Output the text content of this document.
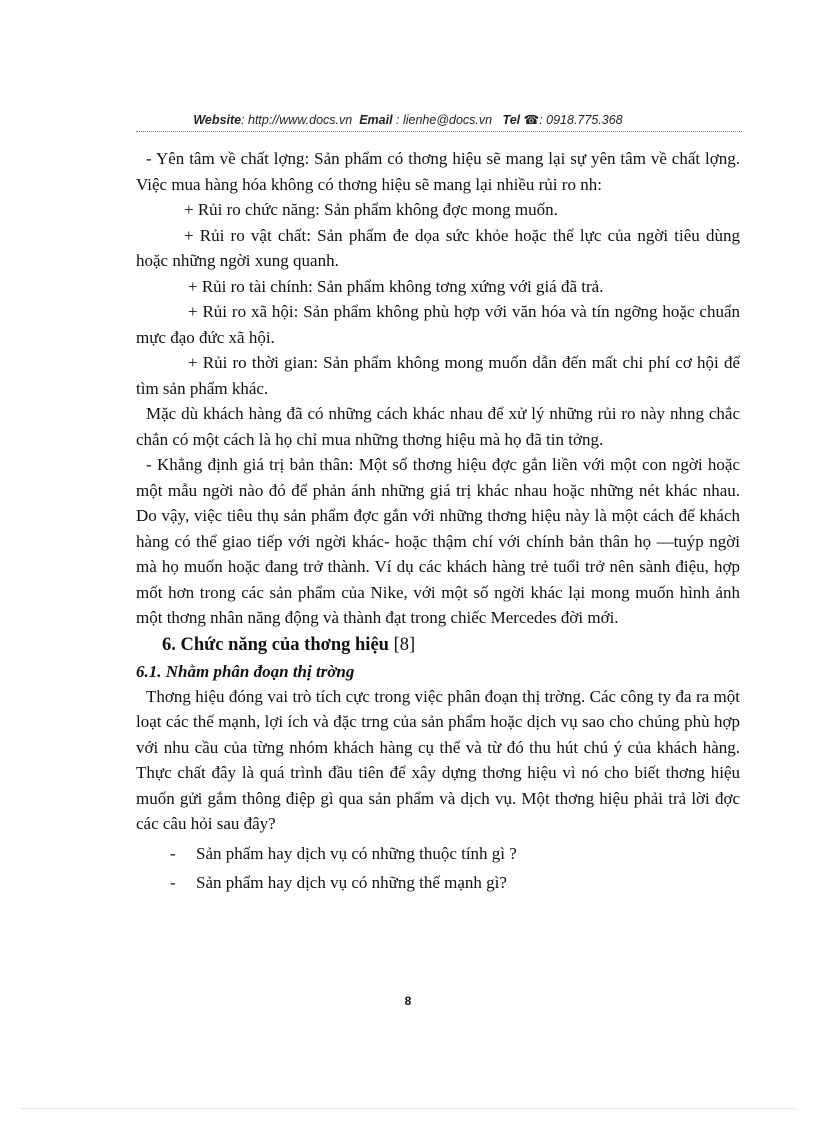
Website: http://www.docs.vn Email : lienhe@docs.vn Tel ☎: 0918.775.368

- Yên tâm về chất lợng: Sản phẩm có thơng hiệu sẽ mang lại sự yên tâm về chất lợng. Việc mua hàng hóa không có thơng hiệu sẽ mang lại nhiều rủi ro nh:

+ Rủi ro chức năng: Sản phẩm không đợc mong muốn.

+ Rủi ro vật chất: Sản phẩm đe dọa sức khỏe hoặc thể lực của ngời tiêu dùng hoặc những ngời xung quanh.

+ Rủi ro tài chính: Sản phẩm không tơng xứng với giá đã trả.

+ Rủi ro xã hội: Sản phẩm không phù hợp với văn hóa và tín ngỡng hoặc chuẩn mực đạo đức xã hội.

+ Rủi ro thời gian: Sản phẩm không mong muốn dẫn đến mất chi phí cơ hội để tìm sản phẩm khác.

Mặc dù khách hàng đã có những cách khác nhau để xử lý những rủi ro này nhng chắc chắn có một cách là họ chỉ mua những thơng hiệu mà họ đã tin tởng.

- Khẳng định giá trị bản thân: Một số thơng hiệu đợc gắn liền với một con ngời hoặc một mẫu ngời nào đó để phản ánh những giá trị khác nhau hoặc những nét khác nhau. Do vậy, việc tiêu thụ sản phẩm đợc gắn với những thơng hiệu này là một cách để khách hàng có thể giao tiếp với ngời khác- hoặc thậm chí với chính bản thân họ —tuýp ngời mà họ muốn hoặc đang trở thành. Ví dụ các khách hàng trẻ tuổi trở nên sành điệu, hợp mốt hơn trong các sản phẩm của Nike, với một số ngời khác lại mong muốn hình ảnh một thơng nhân năng động và thành đạt trong chiếc Mercedes đời mới.

6. Chức năng của thơng hiệu [8]

6.1. Nhằm phân đoạn thị trờng

Thơng hiệu đóng vai trò tích cực trong việc phân đoạn thị trờng. Các công ty đa ra một loạt các thế mạnh, lợi ích và đặc trng của sản phẩm hoặc dịch vụ sao cho chúng phù hợp với nhu cầu của từng nhóm khách hàng cụ thể và từ đó thu hút chú ý của khách hàng. Thực chất đây là quá trình đầu tiên để xây dựng thơng hiệu vì nó cho biết thơng hiệu muốn gửi gắm thông điệp gì qua sản phẩm và dịch vụ. Một thơng hiệu phải trả lời đợc các câu hỏi sau đây?

-	Sản phẩm hay dịch vụ có những thuộc tính gì ?
-	Sản phẩm hay dịch vụ có những thế mạnh gì?
8
